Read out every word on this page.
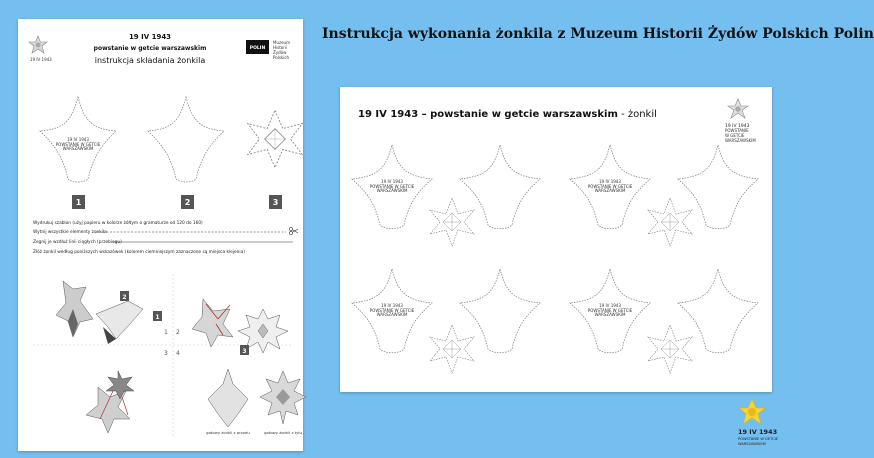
Instrukcja wykonania żonkila z Muzeum Historii Żydów Polskich Polin
19 IV 1943
19 IV 1943
powstanie w getcie warszawskim
instrukcja składania żonkila
POLIN
Muzeum
Historii
Żydów
Polskich
19 IV 1943
POWSTANIE W GETCIE
WARSZAWSKIM
1	2	3
Wydrukuj szablon (użyj papieru w kolorze żółtym o gramaturze od 120 do 160)
Wytnij wszystkie elementy żonkila
Zegnij je wzdłuż linii ciągłych (przebiegu)
Złóż żonkil według poniższych wskazówek (kolorem ciemniejszym zaznaczone są miejsca klejenia)
1 2
3 4
2
1
3
gotowy żonkil z przodu	gotowy żonkil z tyłu
19 IV 1943 – powstanie w getcie warszawskim - żonkil
19 IV 1943
POWSTANIE
W GETCIE
WARSZAWSKIM
19 IV 1943
POWSTANIE W GETCIE
WARSZAWSKIM
19 IV 1943
POWSTANIE W GETCIE
WARSZAWSKIM
19 IV 1943
POWSTANIE W GETCIE
WARSZAWSKIM
19 IV 1943
POWSTANIE W GETCIE
WARSZAWSKIM
19 IV 1943
POWSTANIE W GETCIE
WARSZAWSKIM
